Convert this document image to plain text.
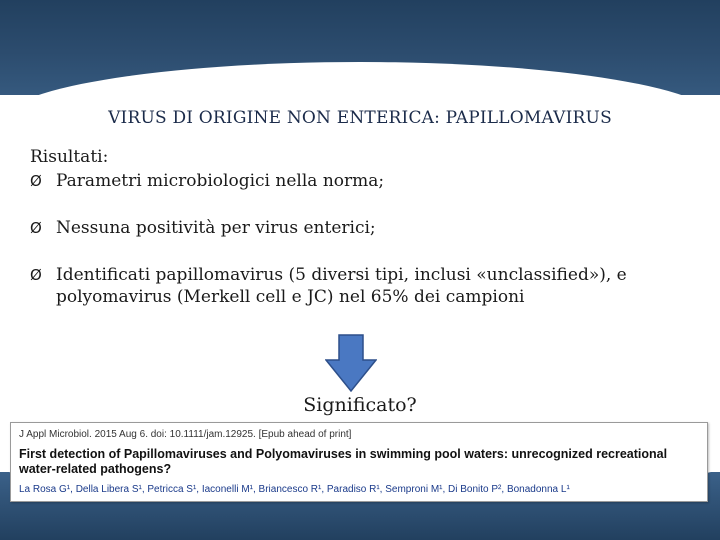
VIRUS DI ORIGINE NON ENTERICA: PAPILLOMAVIRUS
Risultati:
Ø Parametri microbiologici nella norma;
Ø Nessuna positività per virus enterici;
Ø Identificati papillomavirus (5 diversi tipi, inclusi «unclassified»), e polyomavirus (Merkell cell e JC) nel 65% dei campioni
Significato?
J Appl Microbiol. 2015 Aug 6. doi: 10.1111/jam.12925. [Epub ahead of print]
First detection of Papillomaviruses and Polyomaviruses in swimming pool waters: unrecognized recreational water-related pathogens?
La Rosa G¹, Della Libera S¹, Petricca S¹, Iaconelli M¹, Briancesco R¹, Paradiso R¹, Semproni M¹, Di Bonito P², Bonadonna L¹
